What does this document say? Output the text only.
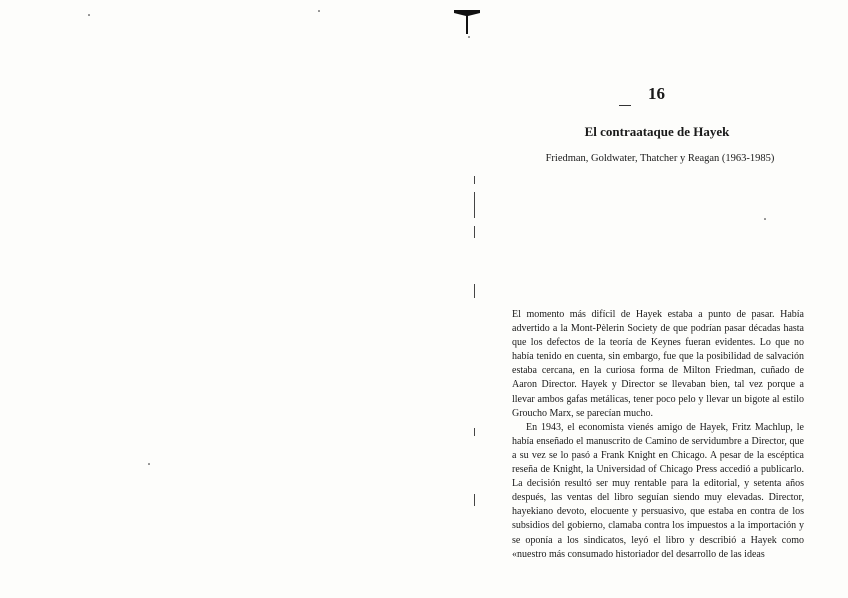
16
El contraataque de Hayek
Friedman, Goldwater, Thatcher y Reagan (1963-1985)

El momento más difícil de Hayek estaba a punto de pasar. Había advertido a la Mont-Pèlerin Society de que podrían pasar décadas hasta que los defectos de la teoría de Keynes fueran evidentes. Lo que no había tenido en cuenta, sin embargo, fue que la posibilidad de salvación estaba cercana, en la curiosa forma de Milton Friedman, cuñado de Aaron Director. Hayek y Director se llevaban bien, tal vez porque a llevar ambos gafas metálicas, tener poco pelo y llevar un bigote al estilo Groucho Marx, se parecían mucho.

En 1943, el economista vienés amigo de Hayek, Fritz Machlup, le había enseñado el manuscrito de Camino de servidumbre a Director, que a su vez se lo pasó a Frank Knight en Chicago. A pesar de la escéptica reseña de Knight, la Universidad of Chicago Press accedió a publicarlo. La decisión resultó ser muy rentable para la editorial, y setenta años después, las ventas del libro seguían siendo muy elevadas. Director, hayekiano devoto, elocuente y persuasivo, que estaba en contra de los subsidios del gobierno, clamaba contra los impuestos a la importación y se oponía a los sindicatos, leyó el libro y describió a Hayek como «nuestro más consumado historiador del desarrollo de las ideas
